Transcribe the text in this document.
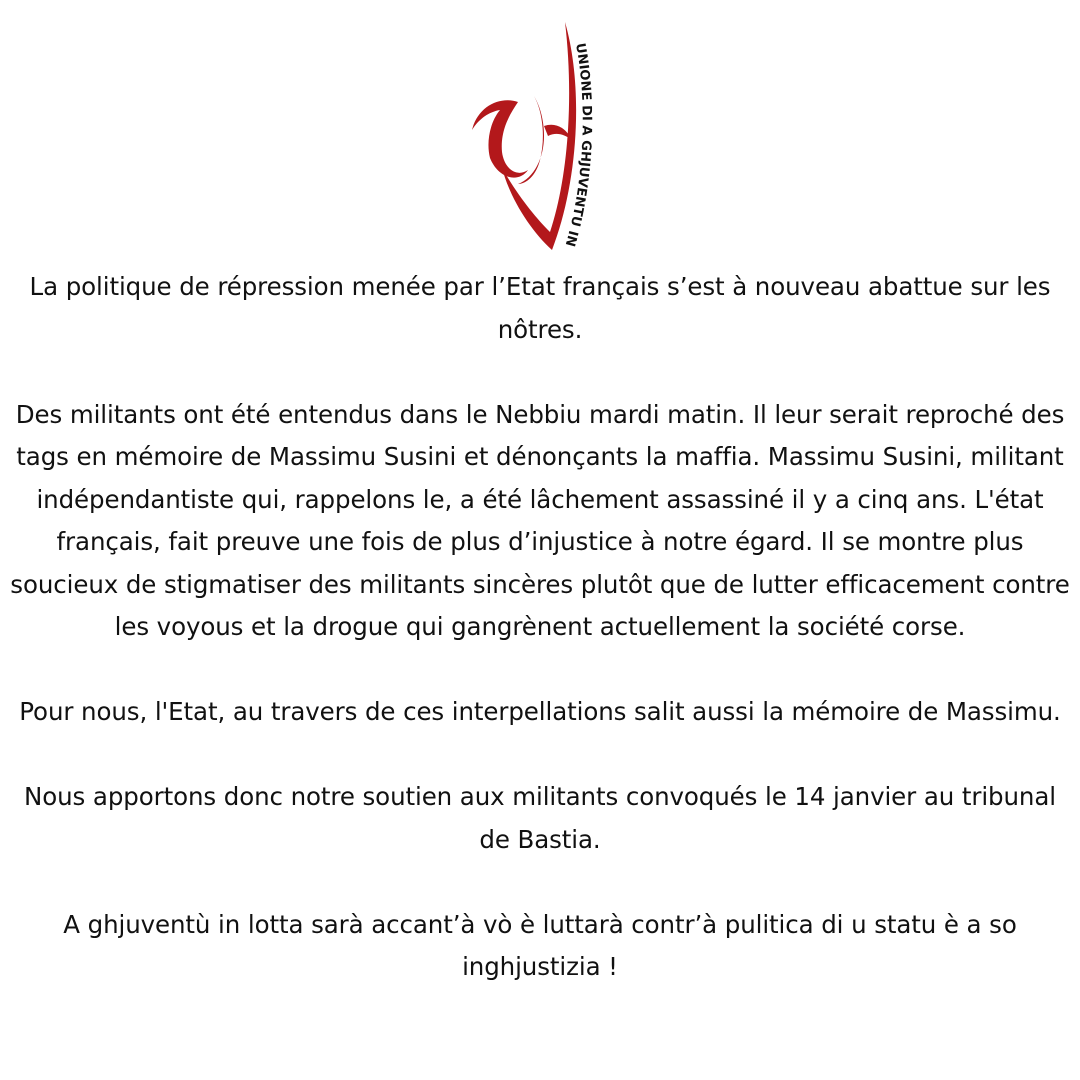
UNIONE DI A GHJUVENTU IN

La politique de répression menée par l’Etat français s’est à nouveau abattue sur les nôtres.

Des militants ont été entendus dans le Nebbiu mardi matin. Il leur serait reproché des tags en mémoire de Massimu Susini et dénonçants la maffia. Massimu Susini, militant indépendantiste qui, rappelons le, a été lâchement assassiné il y a cinq ans. L'état français, fait preuve une fois de plus d’injustice à notre égard. Il se montre plus soucieux de stigmatiser des militants sincères plutôt que de lutter efficacement contre les voyous et la drogue qui gangrènent actuellement la société corse.

Pour nous, l'Etat, au travers de ces interpellations salit aussi la mémoire de Massimu.

Nous apportons donc notre soutien aux militants convoqués le 14 janvier au tribunal de Bastia.

A ghjuventù in lotta sarà accant’à vò è luttarà contr’à pulitica di u statu è a so inghjustizia !
